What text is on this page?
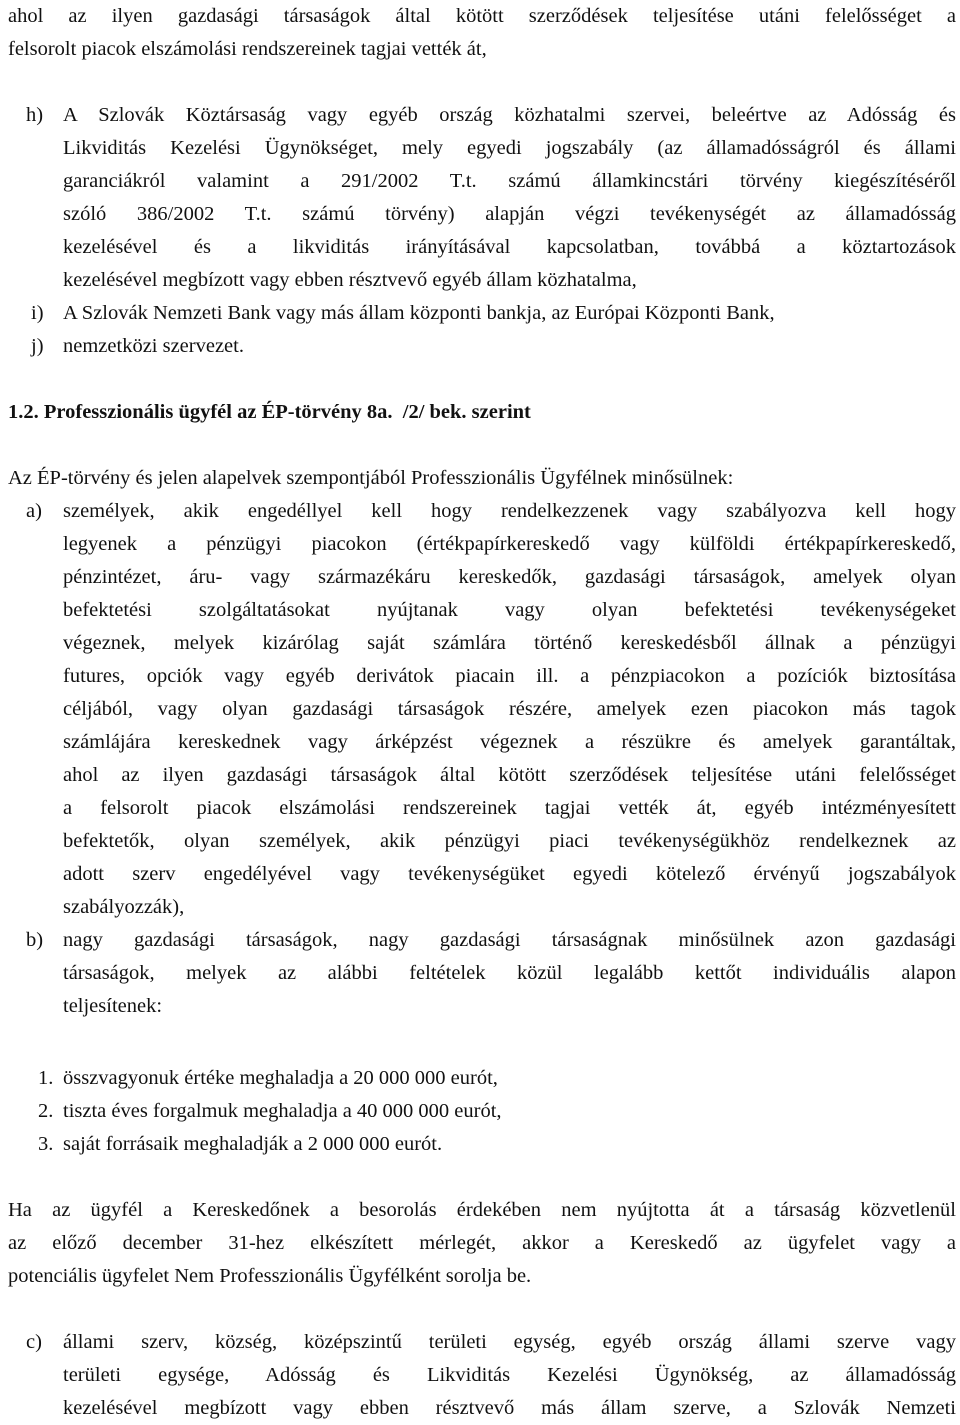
ahol az ilyen gazdasági társaságok által kötött szerződések teljesítése utáni felelősséget a
felsorolt piacok elszámolási rendszereinek tagjai vették át,
h) A Szlovák Köztársaság vagy egyéb ország közhatalmi szervei, beleértve az Adósság és
Likviditás Kezelési Ügynökséget, mely egyedi jogszabály (az államadósságról és állami
garanciákról valamint a 291/2002 T.t. számú államkincstári törvény kiegészítéséről
szóló 386/2002 T.t. számú törvény) alapján végzi tevékenységét az államadósság
kezelésével és a likviditás irányításával kapcsolatban, továbbá a köztartozások
kezelésével megbízott vagy ebben résztvevő egyéb állam közhatalma,
i) A Szlovák Nemzeti Bank vagy más állam központi bankja, az Európai Központi Bank,
j) nemzetközi szervezet.
1.2. Professzionális ügyfél az ÉP-törvény 8a.  /2/ bek. szerint
Az ÉP-törvény és jelen alapelvek szempontjából Professzionális Ügyfélnek minősülnek:
a) személyek, akik engedéllyel kell hogy rendelkezzenek vagy szabályozva kell hogy
legyenek a pénzügyi piacokon (értékpapírkereskedő vagy külföldi értékpapírkereskedő,
pénzintézet, áru- vagy származékáru kereskedők, gazdasági társaságok, amelyek olyan
befektetési szolgáltatásokat nyújtanak vagy olyan befektetési tevékenységeket
végeznek, melyek kizárólag saját számlára történő kereskedésből állnak a pénzügyi
futures, opciók vagy egyéb derivátok piacain ill. a pénzpiacokon a pozíciók biztosítása
céljából, vagy olyan gazdasági társaságok részére, amelyek ezen piacokon más tagok
számlájára kereskednek vagy árképzést végeznek a részükre és amelyek garantáltak,
ahol az ilyen gazdasági társaságok által kötött szerződések teljesítése utáni felelősséget
a felsorolt piacok elszámolási rendszereinek tagjai vették át, egyéb intézményesített
befektetők, olyan személyek, akik pénzügyi piaci tevékenységükhöz rendelkeznek az
adott szerv engedélyével vagy tevékenységüket egyedi kötelező érvényű jogszabályok
szabályozzák),
b) nagy gazdasági társaságok, nagy gazdasági társaságnak minősülnek azon gazdasági
társaságok, melyek az alábbi feltételek közül legalább kettőt individuális alapon
teljesítenek:
1. összvagyonuk értéke meghaladja a 20 000 000 eurót,
2. tiszta éves forgalmuk meghaladja a 40 000 000 eurót,
3. saját forrásaik meghaladják a 2 000 000 eurót.
Ha az ügyfél a Kereskedőnek a besorolás érdekében nem nyújtotta át a társaság közvetlenül
az előző december 31-hez elkészített mérlegét, akkor a Kereskedő az ügyfelet vagy a
potenciális ügyfelet Nem Professzionális Ügyfélként sorolja be.
c) állami szerv, község, középszintű területi egység, egyéb ország állami szerve vagy
területi egysége, Adósság és Likviditás Kezelési Ügynökség, az államadósság
kezelésével megbízott vagy ebben résztvevő más állam szerve, a Szlovák Nemzeti
